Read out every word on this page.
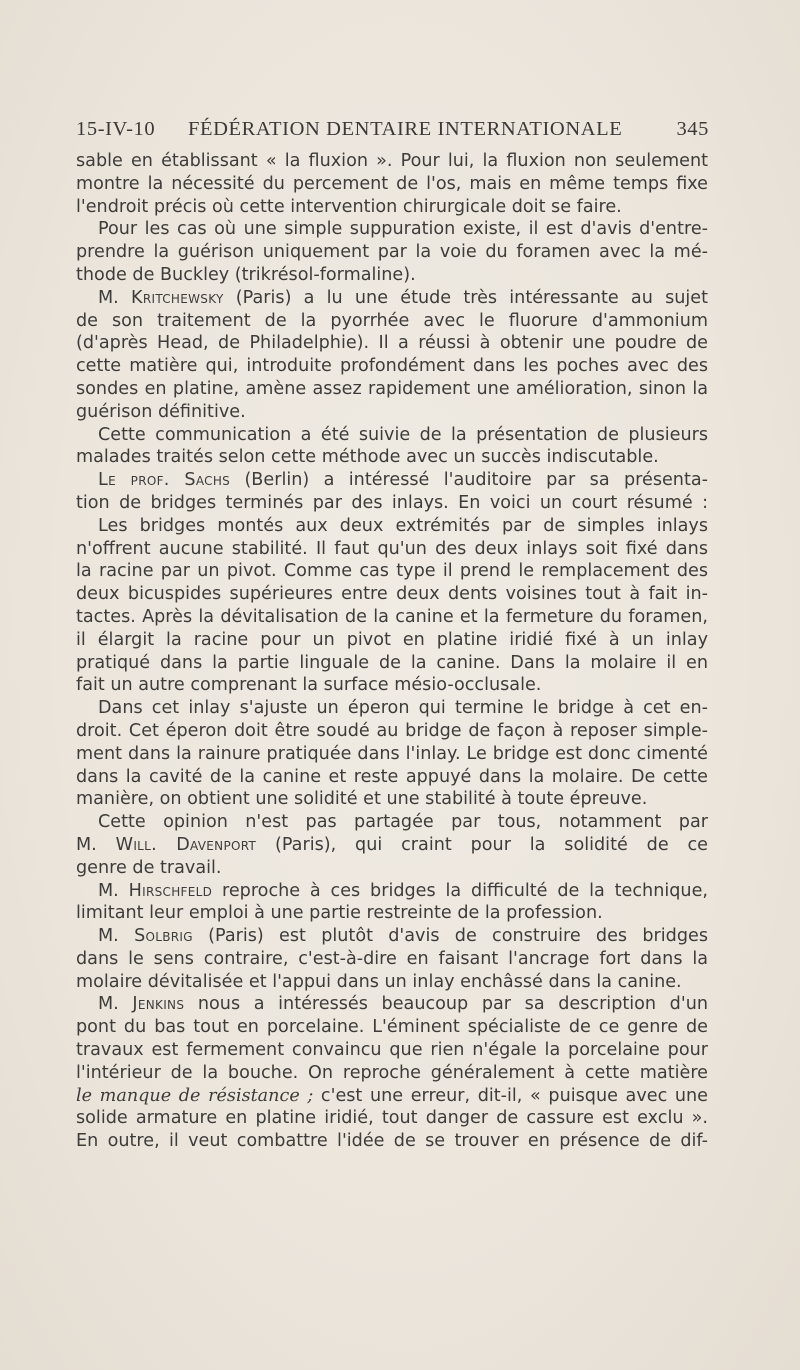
15-IV-10 FÉDÉRATION DENTAIRE INTERNATIONALE	345
sable en établissant « la fluxion ». Pour lui, la fluxion non seulement
montre la nécessité du percement de l'os, mais en même temps fixe
l'endroit précis où cette intervention chirurgicale doit se faire.
Pour les cas où une simple suppuration existe, il est d'avis d'entre-
prendre la guérison uniquement par la voie du foramen avec la mé-
thode de Buckley (trikrésol-formaline).
M. Kritchewsky (Paris) a lu une étude très intéressante au sujet
de son traitement de la pyorrhée avec le fluorure d'ammonium
(d'après Head, de Philadelphie). Il a réussi à obtenir une poudre de
cette matière qui, introduite profondément dans les poches avec des
sondes en platine, amène assez rapidement une amélioration, sinon la
guérison définitive.
Cette communication a été suivie de la présentation de plusieurs
malades traités selon cette méthode avec un succès indiscutable.
Le prof. Sachs (Berlin) a intéressé l'auditoire par sa présenta-
tion de bridges terminés par des inlays. En voici un court résumé :
Les bridges montés aux deux extrémités par de simples inlays
n'offrent aucune stabilité. Il faut qu'un des deux inlays soit fixé dans
la racine par un pivot. Comme cas type il prend le remplacement des
deux bicuspides supérieures entre deux dents voisines tout à fait in-
tactes. Après la dévitalisation de la canine et la fermeture du foramen,
il élargit la racine pour un pivot en platine iridié fixé à un inlay
pratiqué dans la partie linguale de la canine. Dans la molaire il en
fait un autre comprenant la surface mésio-occlusale.
Dans cet inlay s'ajuste un éperon qui termine le bridge à cet en-
droit. Cet éperon doit être soudé au bridge de façon à reposer simple-
ment dans la rainure pratiquée dans l'inlay. Le bridge est donc cimenté
dans la cavité de la canine et reste appuyé dans la molaire. De cette
manière, on obtient une solidité et une stabilité à toute épreuve.
Cette opinion n'est pas partagée par tous, notamment par
M. Will. Davenport (Paris), qui craint pour la solidité de ce
genre de travail.
M. Hirschfeld reproche à ces bridges la difficulté de la technique,
limitant leur emploi à une partie restreinte de la profession.
M. Solbrig (Paris) est plutôt d'avis de construire des bridges
dans le sens contraire, c'est-à-dire en faisant l'ancrage fort dans la
molaire dévitalisée et l'appui dans un inlay enchâssé dans la canine.
M. Jenkins nous a intéressés beaucoup par sa description d'un
pont du bas tout en porcelaine. L'éminent spécialiste de ce genre de
travaux est fermement convaincu que rien n'égale la porcelaine pour
l'intérieur de la bouche. On reproche généralement à cette matière
le manque de résistance ; c'est une erreur, dit-il, « puisque avec une
solide armature en platine iridié, tout danger de cassure est exclu ».
En outre, il veut combattre l'idée de se trouver en présence de dif-
